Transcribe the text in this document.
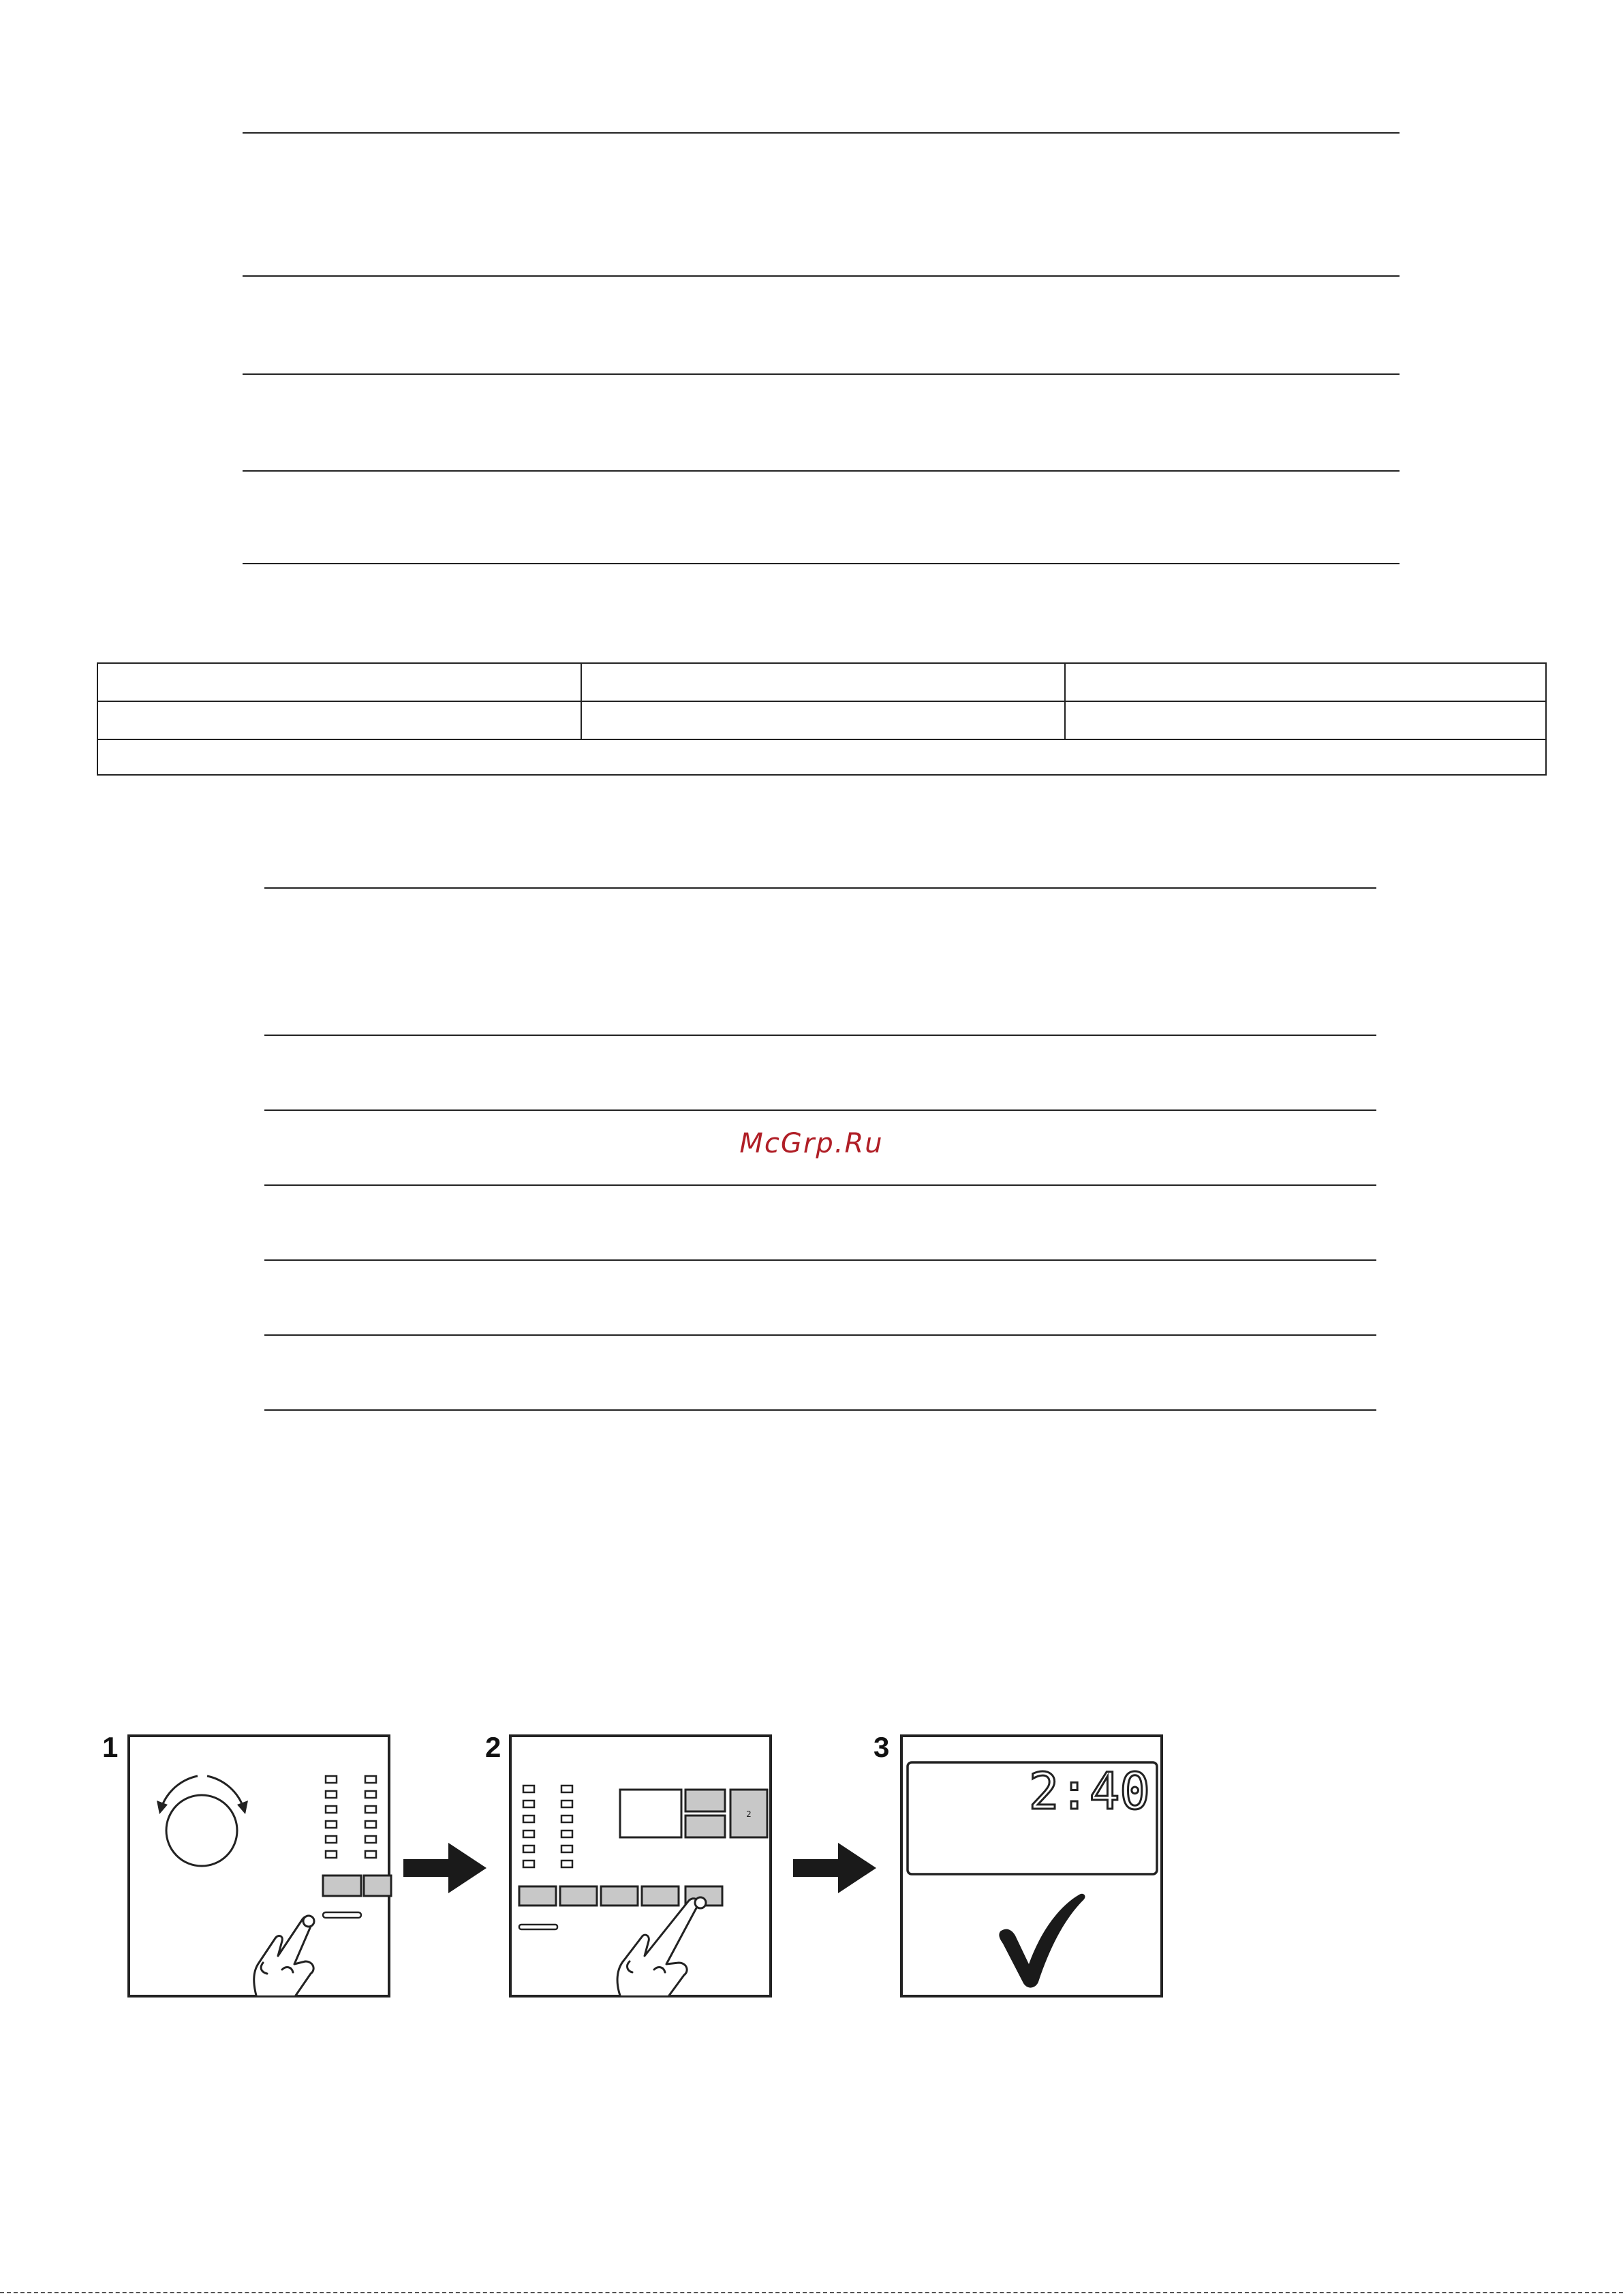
McGrp.Ru
1	2	3
2	2:40
